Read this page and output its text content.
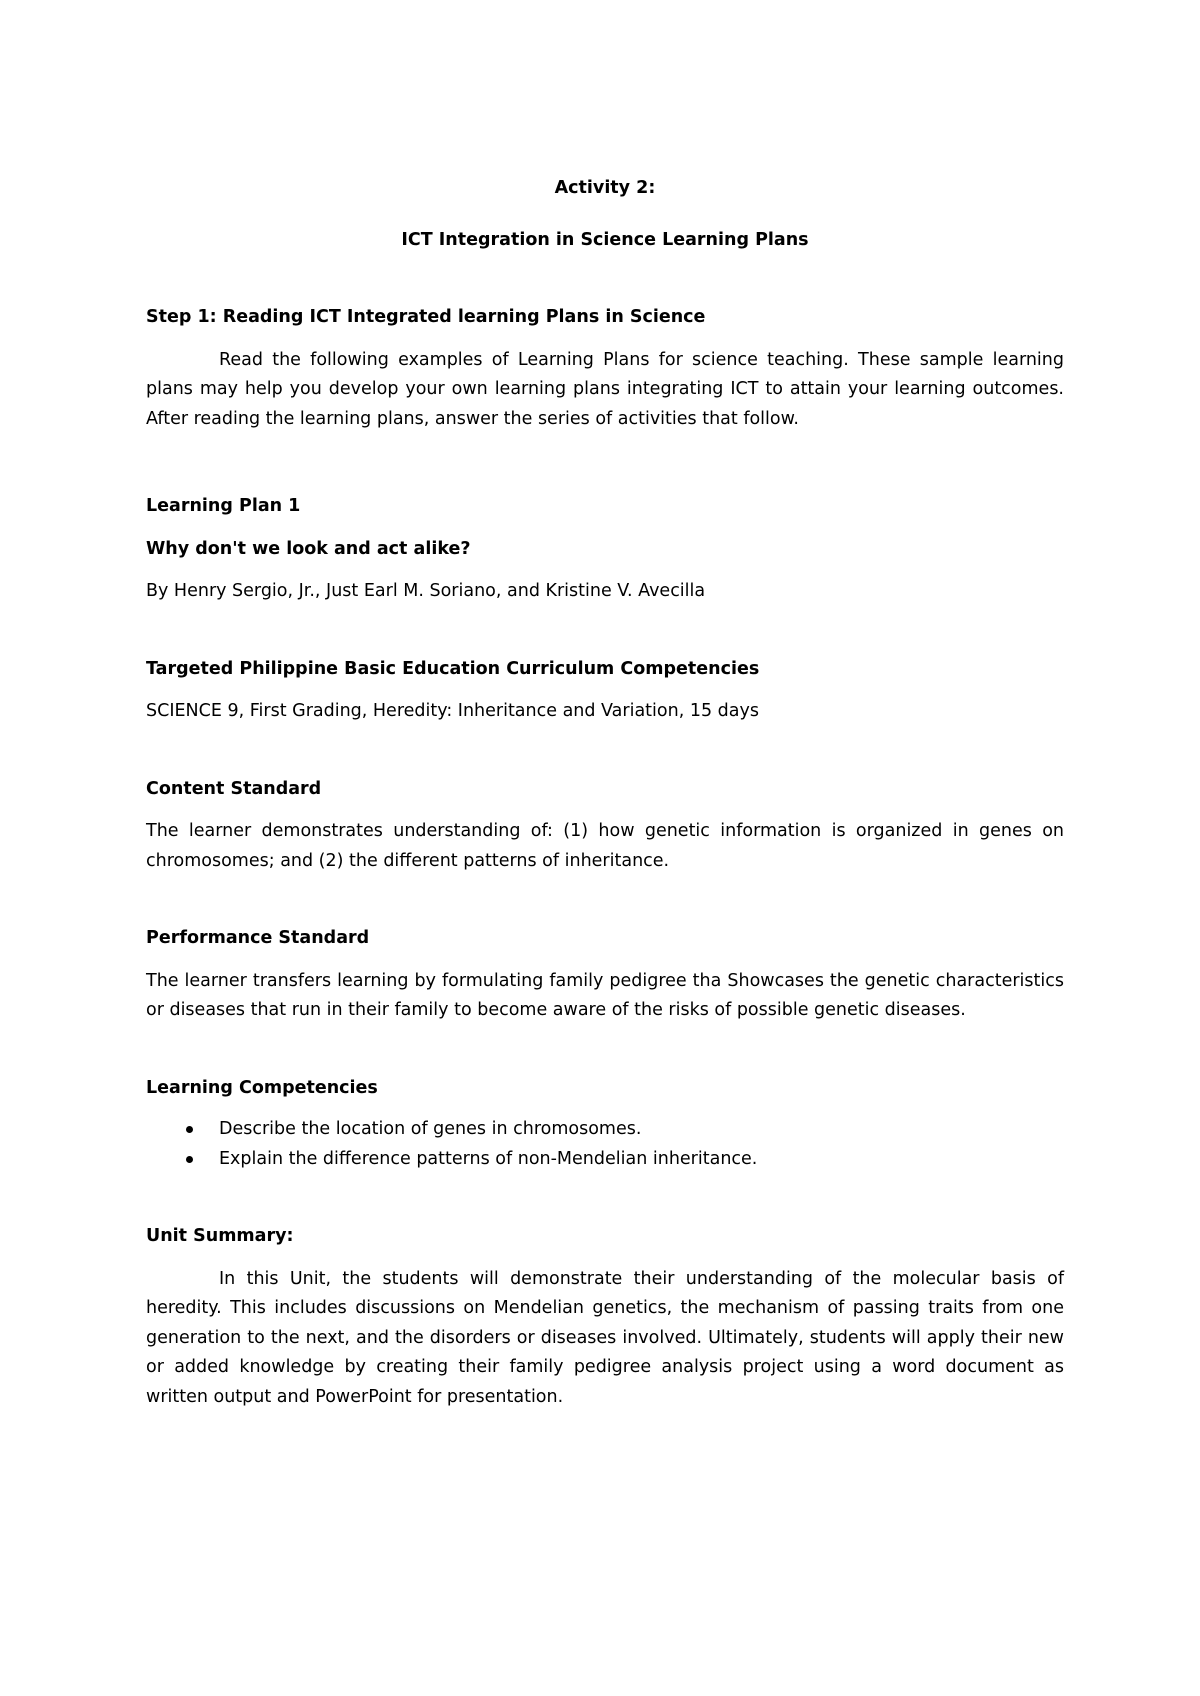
Activity 2:

ICT Integration in Science Learning Plans

Step 1: Reading ICT Integrated learning Plans in Science

Read the following examples of Learning Plans for science teaching. These sample learning plans may help you develop your own learning plans integrating ICT to attain your learning outcomes. After reading the learning plans, answer the series of activities that follow.

Learning Plan 1

Why don't we look and act alike?

By Henry Sergio, Jr., Just Earl M. Soriano, and Kristine V. Avecilla

Targeted Philippine Basic Education Curriculum Competencies

SCIENCE 9, First Grading, Heredity: Inheritance and Variation, 15 days

Content Standard

The learner demonstrates understanding of: (1) how genetic information is organized in genes on chromosomes; and (2) the different patterns of inheritance.

Performance Standard

The learner transfers learning by formulating family pedigree tha Showcases the genetic characteristics or diseases that run in their family to become aware of the risks of possible genetic diseases.

Learning Competencies

Describe the location of genes in chromosomes.
Explain the difference patterns of non-Mendelian inheritance.

Unit Summary:

In this Unit, the students will demonstrate their understanding of the molecular basis of heredity. This includes discussions on Mendelian genetics, the mechanism of passing traits from one generation to the next, and the disorders or diseases involved. Ultimately, students will apply their new or added knowledge by creating their family pedigree analysis project using a word document as written output and PowerPoint for presentation.
